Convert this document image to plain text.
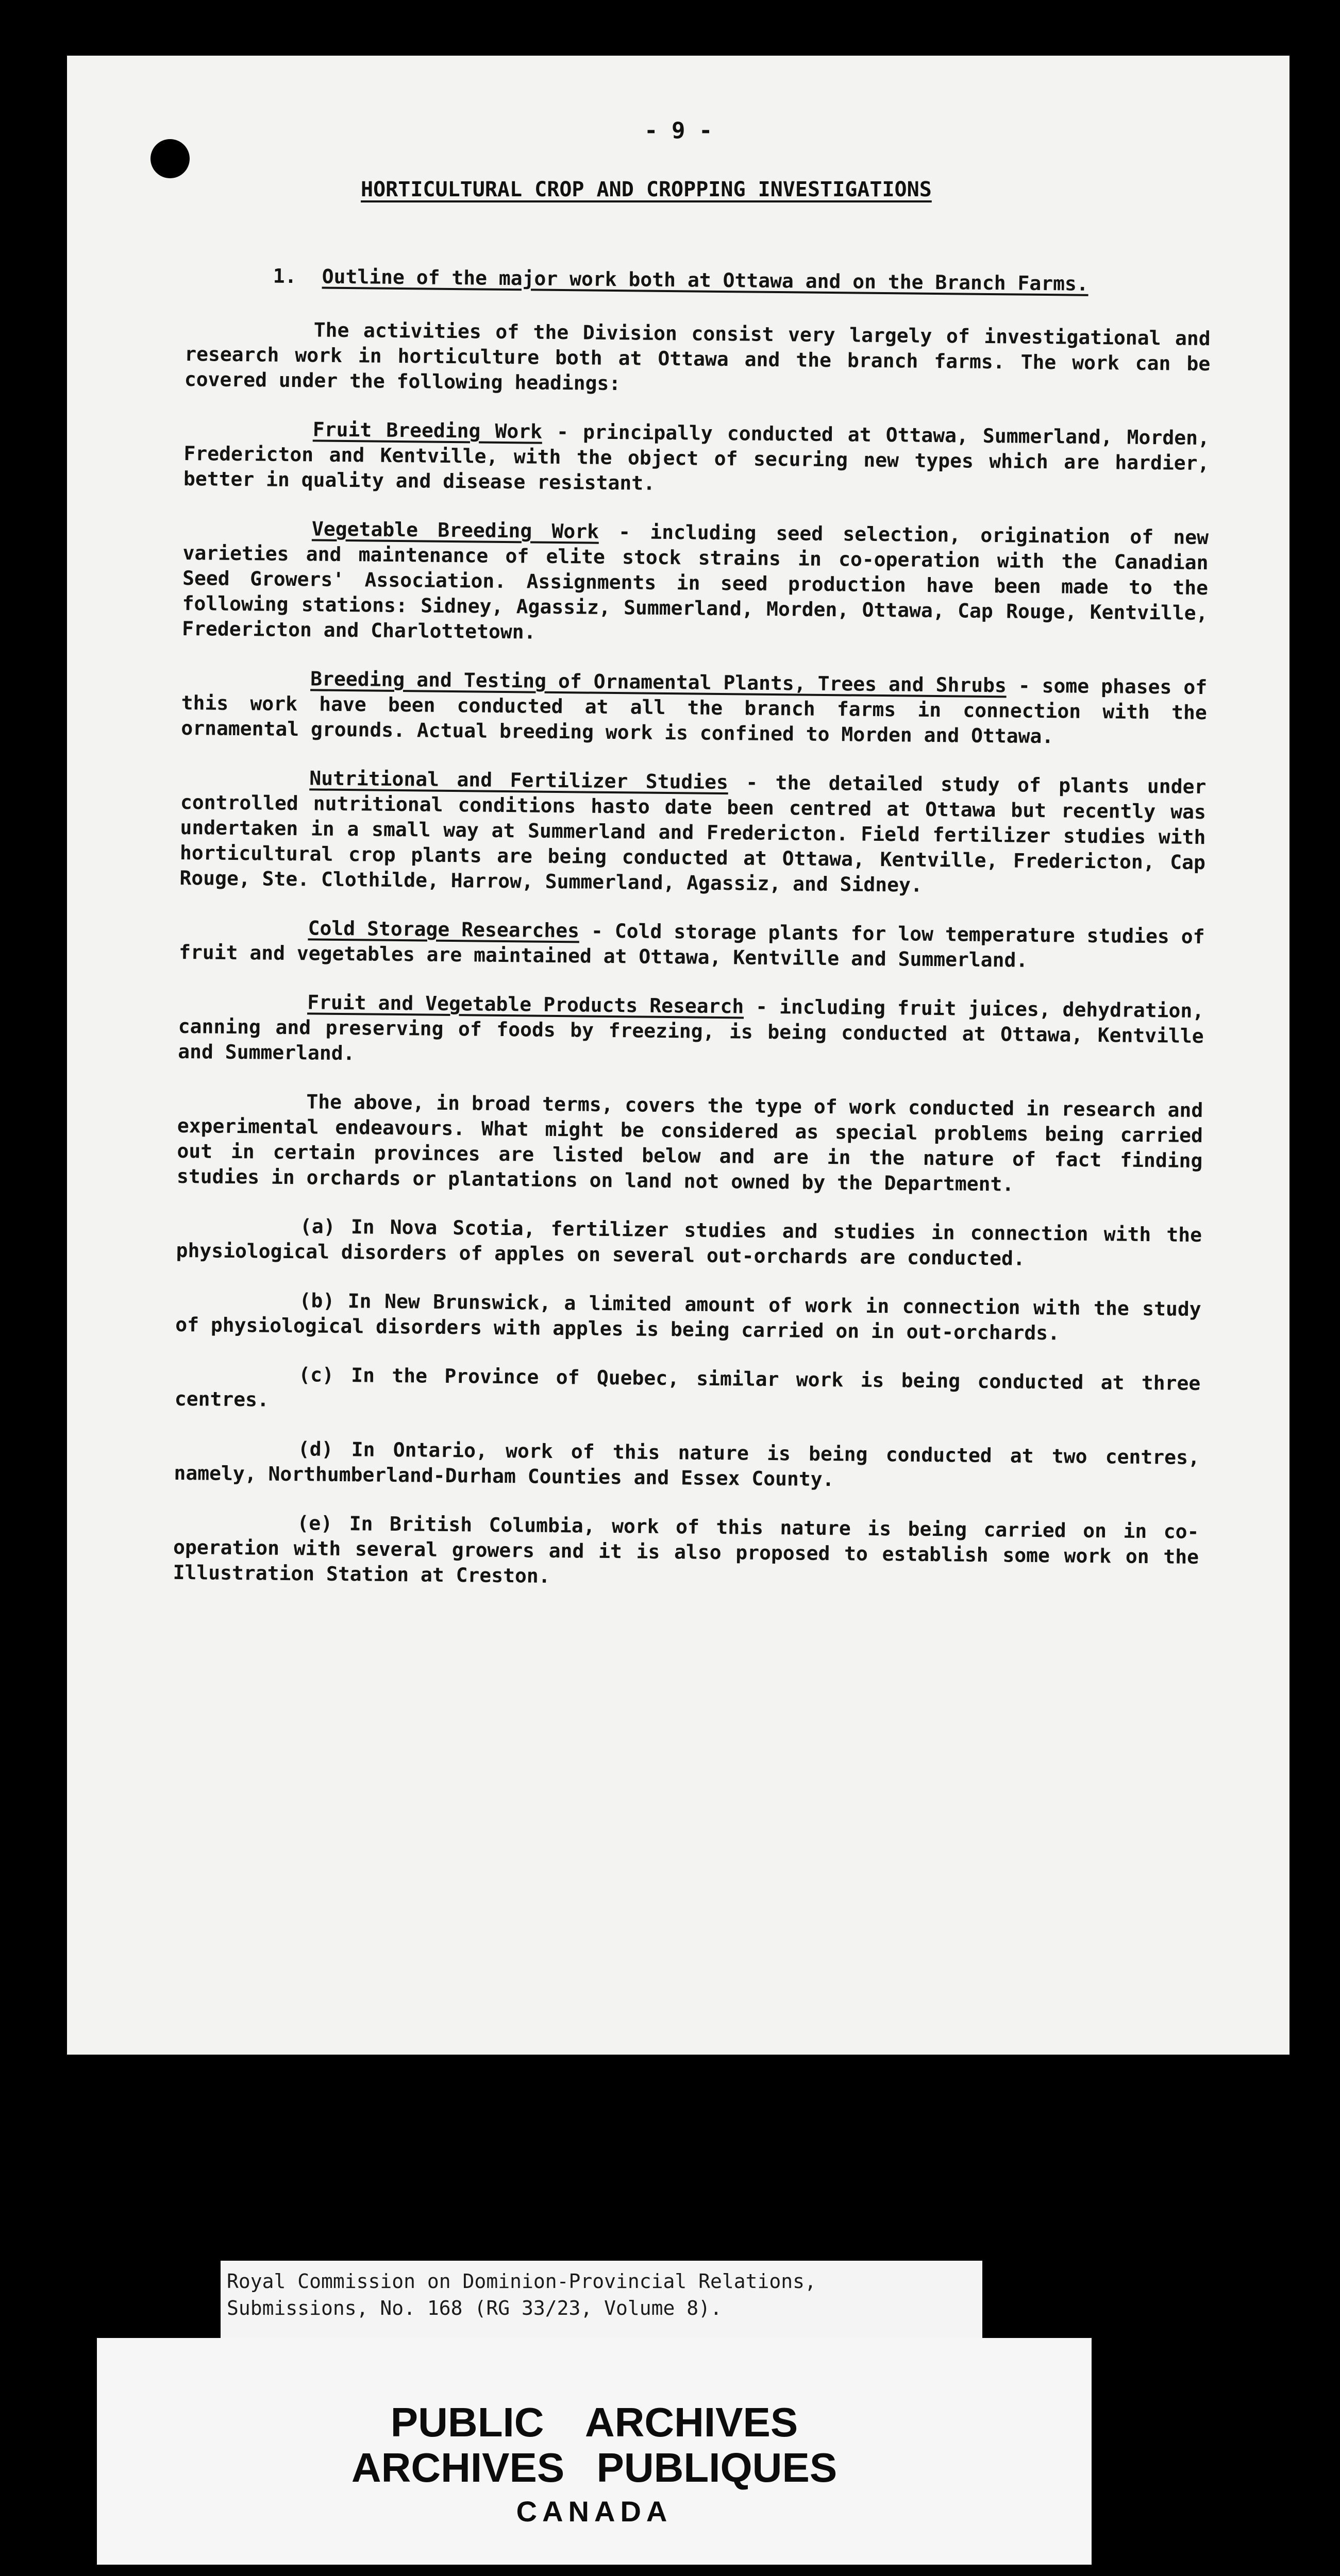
- 9 -
HORTICULTURAL CROP AND CROPPING INVESTIGATIONS
1. Outline of the major work both at Ottawa and on the Branch Farms.

The activities of the Division consist very largely of investigational and research work in horticulture both at Ottawa and the branch farms. The work can be covered under the following headings:

Fruit Breeding Work - principally conducted at Ottawa, Summerland, Morden, Fredericton and Kentville, with the object of securing new types which are hardier, better in quality and disease resistant.

Vegetable Breeding Work - including seed selection, origination of new varieties and maintenance of elite stock strains in co-operation with the Canadian Seed Growers' Association. Assignments in seed production have been made to the following stations: Sidney, Agassiz, Summerland, Morden, Ottawa, Cap Rouge, Kentville, Fredericton and Charlottetown.

Breeding and Testing of Ornamental Plants, Trees and Shrubs - some phases of this work have been conducted at all the branch farms in connection with the ornamental grounds. Actual breeding work is confined to Morden and Ottawa.

Nutritional and Fertilizer Studies - the detailed study of plants under controlled nutritional conditions hasto date been centred at Ottawa but recently was undertaken in a small way at Summerland and Fredericton. Field fertilizer studies with horticultural crop plants are being conducted at Ottawa, Kentville, Fredericton, Cap Rouge, Ste. Clothilde, Harrow, Summerland, Agassiz, and Sidney.

Cold Storage Researches - Cold storage plants for low temperature studies of fruit and vegetables are maintained at Ottawa, Kentville and Summerland.

Fruit and Vegetable Products Research - including fruit juices, dehydration, canning and preserving of foods by freezing, is being conducted at Ottawa, Kentville and Summerland.

The above, in broad terms, covers the type of work conducted in research and experimental endeavours. What might be considered as special problems being carried out in certain provinces are listed below and are in the nature of fact finding studies in orchards or plantations on land not owned by the Department.

(a) In Nova Scotia, fertilizer studies and studies in connection with the physiological disorders of apples on several out-orchards are conducted.

(b) In New Brunswick, a limited amount of work in connection with the study of physiological disorders with apples is being carried on in out-orchards.

(c) In the Province of Quebec, similar work is being conducted at three centres.

(d) In Ontario, work of this nature is being conducted at two centres, namely, Northumberland-Durham Counties and Essex County.

(e) In British Columbia, work of this nature is being carried on in co-operation with several growers and it is also proposed to establish some work on the Illustration Station at Creston.

Royal Commission on Dominion-Provincial Relations,
Submissions, No. 168 (RG 33/23, Volume 8).
PUBLIC ARCHIVES
ARCHIVES PUBLIQUES
CANADA
